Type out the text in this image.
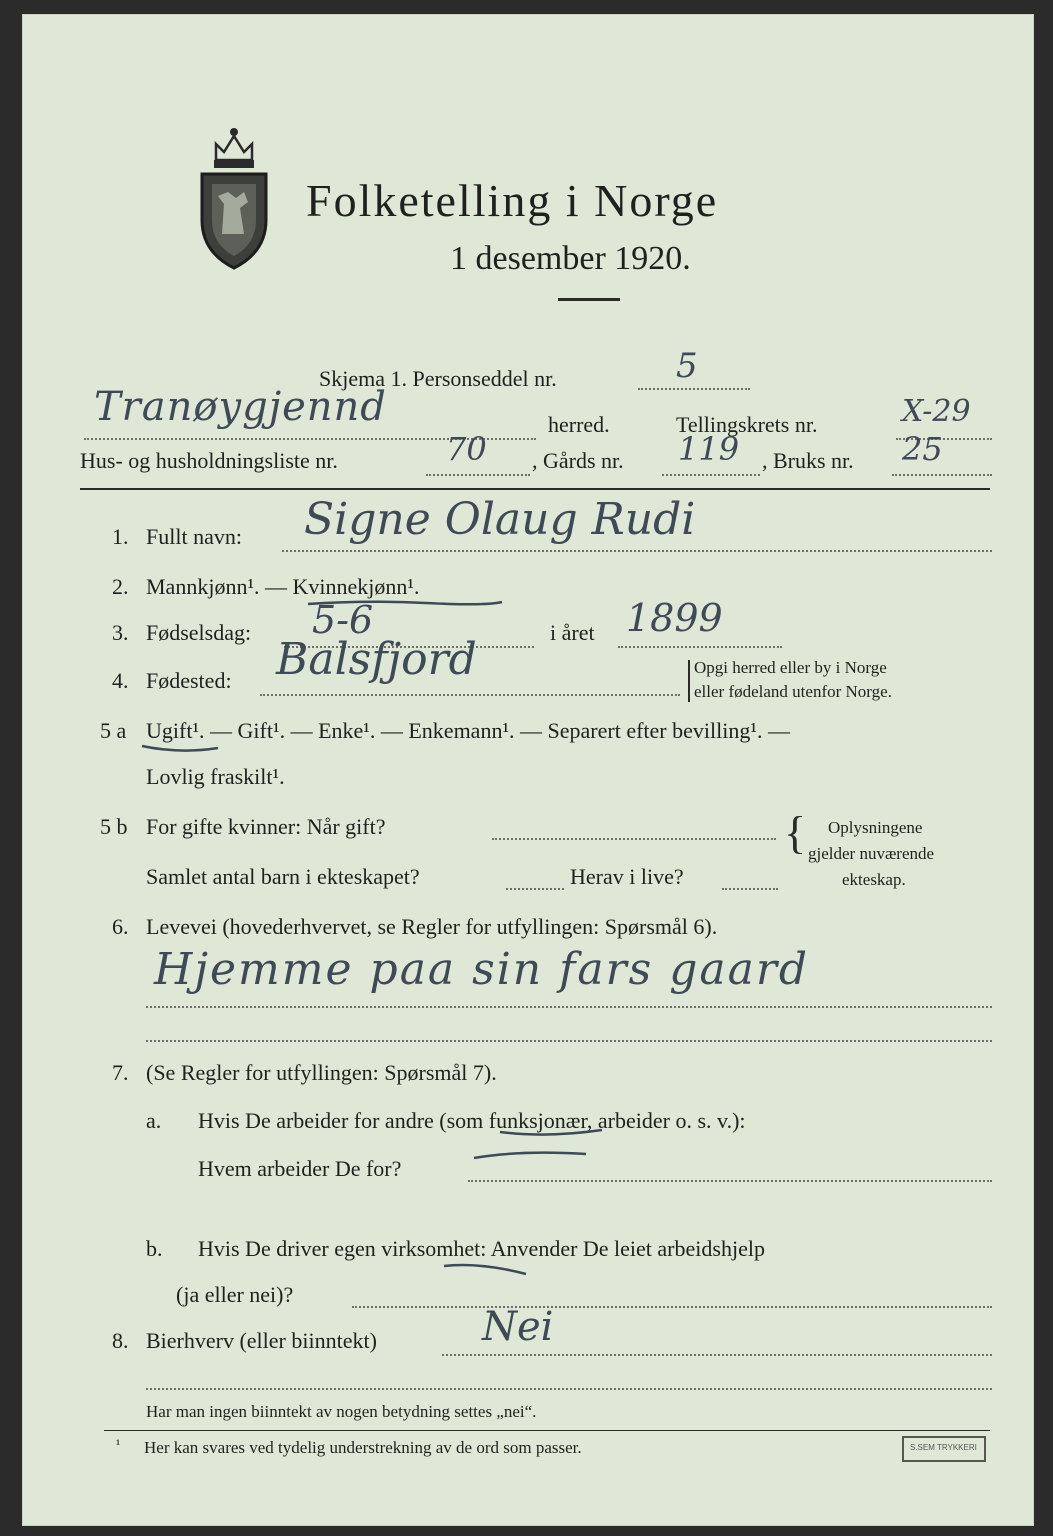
Folketelling i Norge
1 desember 1920.
Skjema 1. Personseddel nr.	5
Tranøygjennd	herred.	Tellingskrets nr.	X-29
Hus- og husholdningsliste nr.	70 , Gårds nr. 119 , Bruks nr. 25
1. Fullt navn: Signe Olaug Rudi
2. Mannkjønn¹. — Kvinnekjønn¹.
3. Fødselsdag: 5-6	i året 1899
4. Fødested: Balsfjord	Opgi herred eller by i Norge
eller fødeland utenfor Norge.
5 a Ugift¹. — Gift¹. — Enke¹. — Enkemann¹. — Separert efter bevilling¹. —
Lovlig fraskilt¹.
5 b For gifte kvinner: Når gift?
Samlet antal barn i ekteskapet?	Herav i live?
{ Oplysningene
gjelder nuværende
ekteskap.
6. Levevei (hovederhvervet, se Regler for utfyllingen: Spørsmål 6).
Hjemme paa sin fars gaard
7. (Se Regler for utfyllingen: Spørsmål 7).
a. Hvis De arbeider for andre (som funksjonær, arbeider o. s. v.):
Hvem arbeider De for?
b. Hvis De driver egen virksomhet: Anvender De leiet arbeidshjelp
(ja eller nei)?
8. Bierhverv (eller biinntekt)	Nei
Har man ingen biinntekt av nogen betydning settes „nei“.
¹ Her kan svares ved tydelig understrekning av de ord som passer.	S.SEM TRYKKERI
